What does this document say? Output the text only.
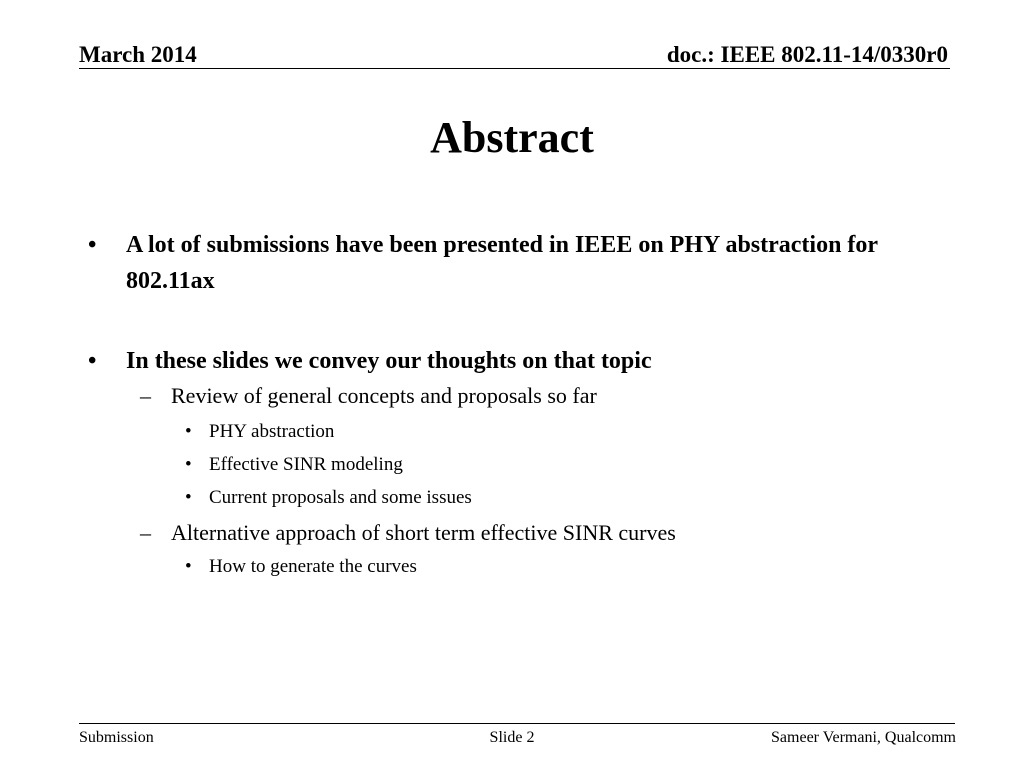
March 2014	doc.: IEEE 802.11-14/0330r0
Abstract
• A lot of submissions have been presented in IEEE on PHY abstraction for 802.11ax
• In these slides we convey our thoughts on that topic
– Review of general concepts and proposals so far
• PHY abstraction
• Effective SINR modeling
• Current proposals and some issues
– Alternative approach of short term effective SINR curves
• How to generate the curves
Submission	Slide 2	Sameer Vermani, Qualcomm
